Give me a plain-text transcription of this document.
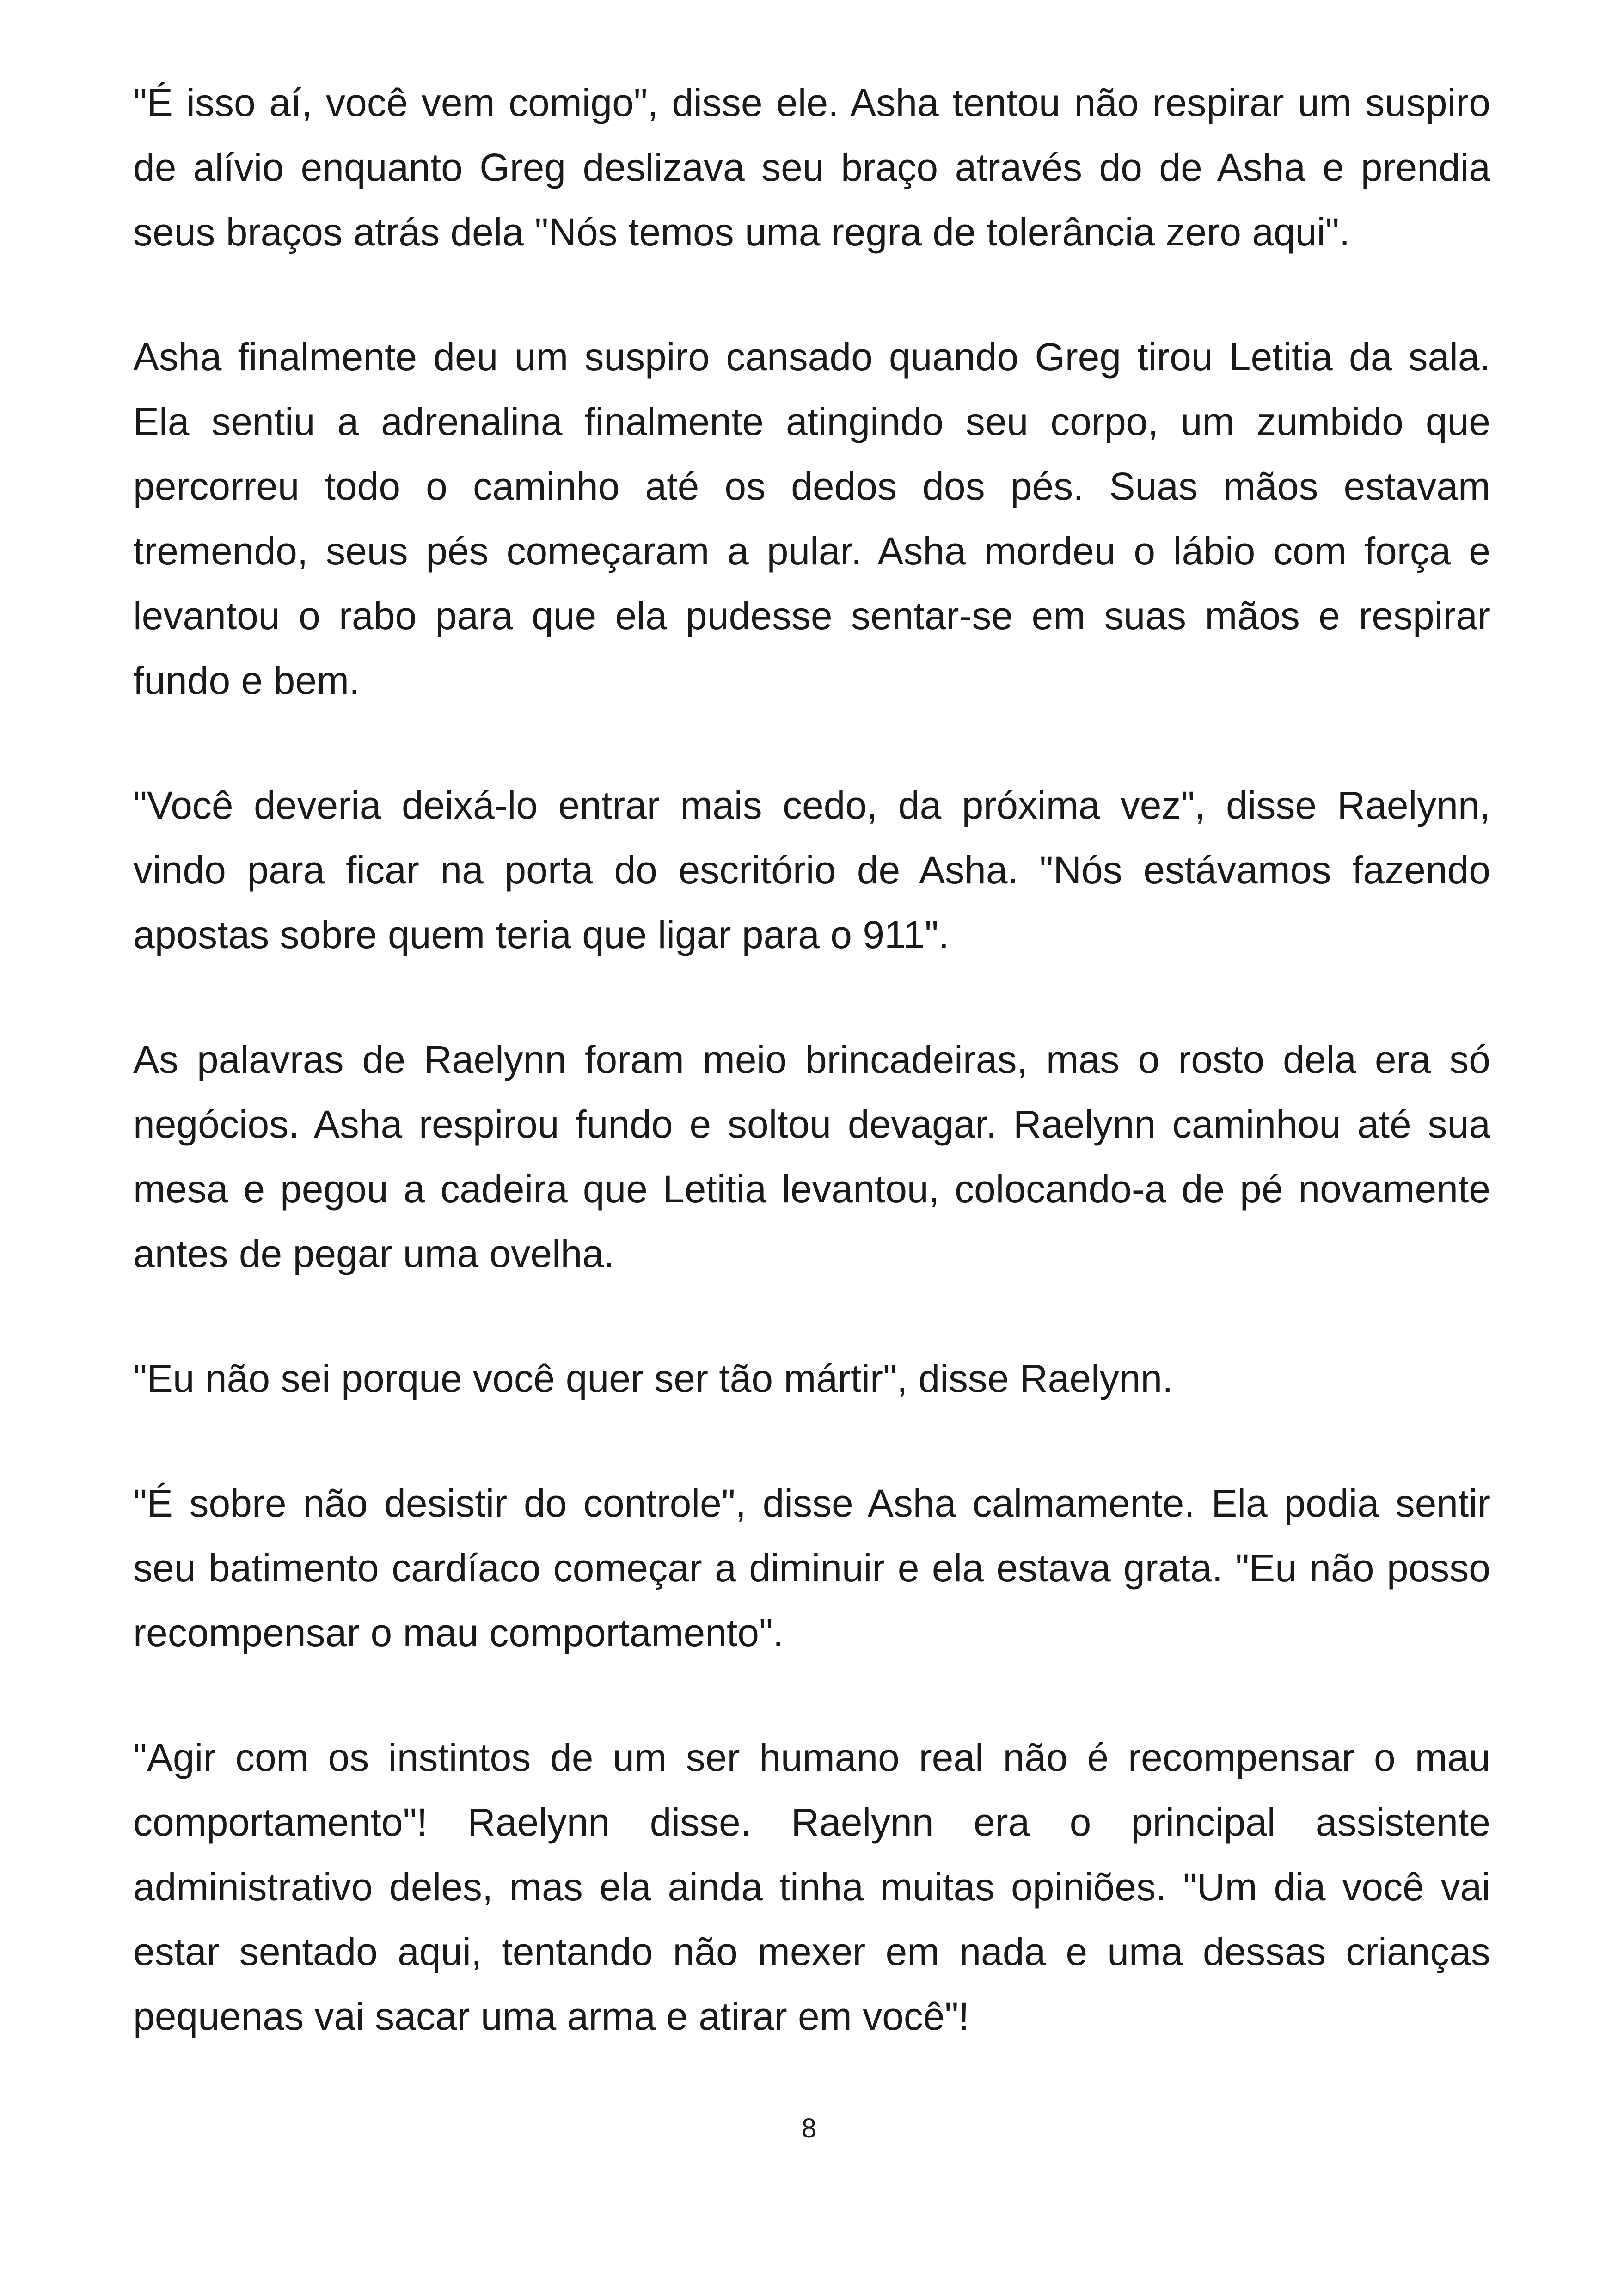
"É isso aí, você vem comigo", disse ele. Asha tentou não respirar um suspiro de alívio enquanto Greg deslizava seu braço através do de Asha e prendia seus braços atrás dela "Nós temos uma regra de tolerância zero aqui".

Asha finalmente deu um suspiro cansado quando Greg tirou Letitia da sala. Ela sentiu a adrenalina finalmente atingindo seu corpo, um zumbido que percorreu todo o caminho até os dedos dos pés. Suas mãos estavam tremendo, seus pés começaram a pular. Asha mordeu o lábio com força e levantou o rabo para que ela pudesse sentar-se em suas mãos e respirar fundo e bem.

"Você deveria deixá-lo entrar mais cedo, da próxima vez", disse Raelynn, vindo para ficar na porta do escritório de Asha. "Nós estávamos fazendo apostas sobre quem teria que ligar para o 911".

As palavras de Raelynn foram meio brincadeiras, mas o rosto dela era só negócios. Asha respirou fundo e soltou devagar. Raelynn caminhou até sua mesa e pegou a cadeira que Letitia levantou, colocando-a de pé novamente antes de pegar uma ovelha.

"Eu não sei porque você quer ser tão mártir", disse Raelynn.

"É sobre não desistir do controle", disse Asha calmamente. Ela podia sentir seu batimento cardíaco começar a diminuir e ela estava grata. "Eu não posso recompensar o mau comportamento".

"Agir com os instintos de um ser humano real não é recompensar o mau comportamento"! Raelynn disse. Raelynn era o principal assistente administrativo deles, mas ela ainda tinha muitas opiniões. "Um dia você vai estar sentado aqui, tentando não mexer em nada e uma dessas crianças pequenas vai sacar uma arma e atirar em você"!

8
